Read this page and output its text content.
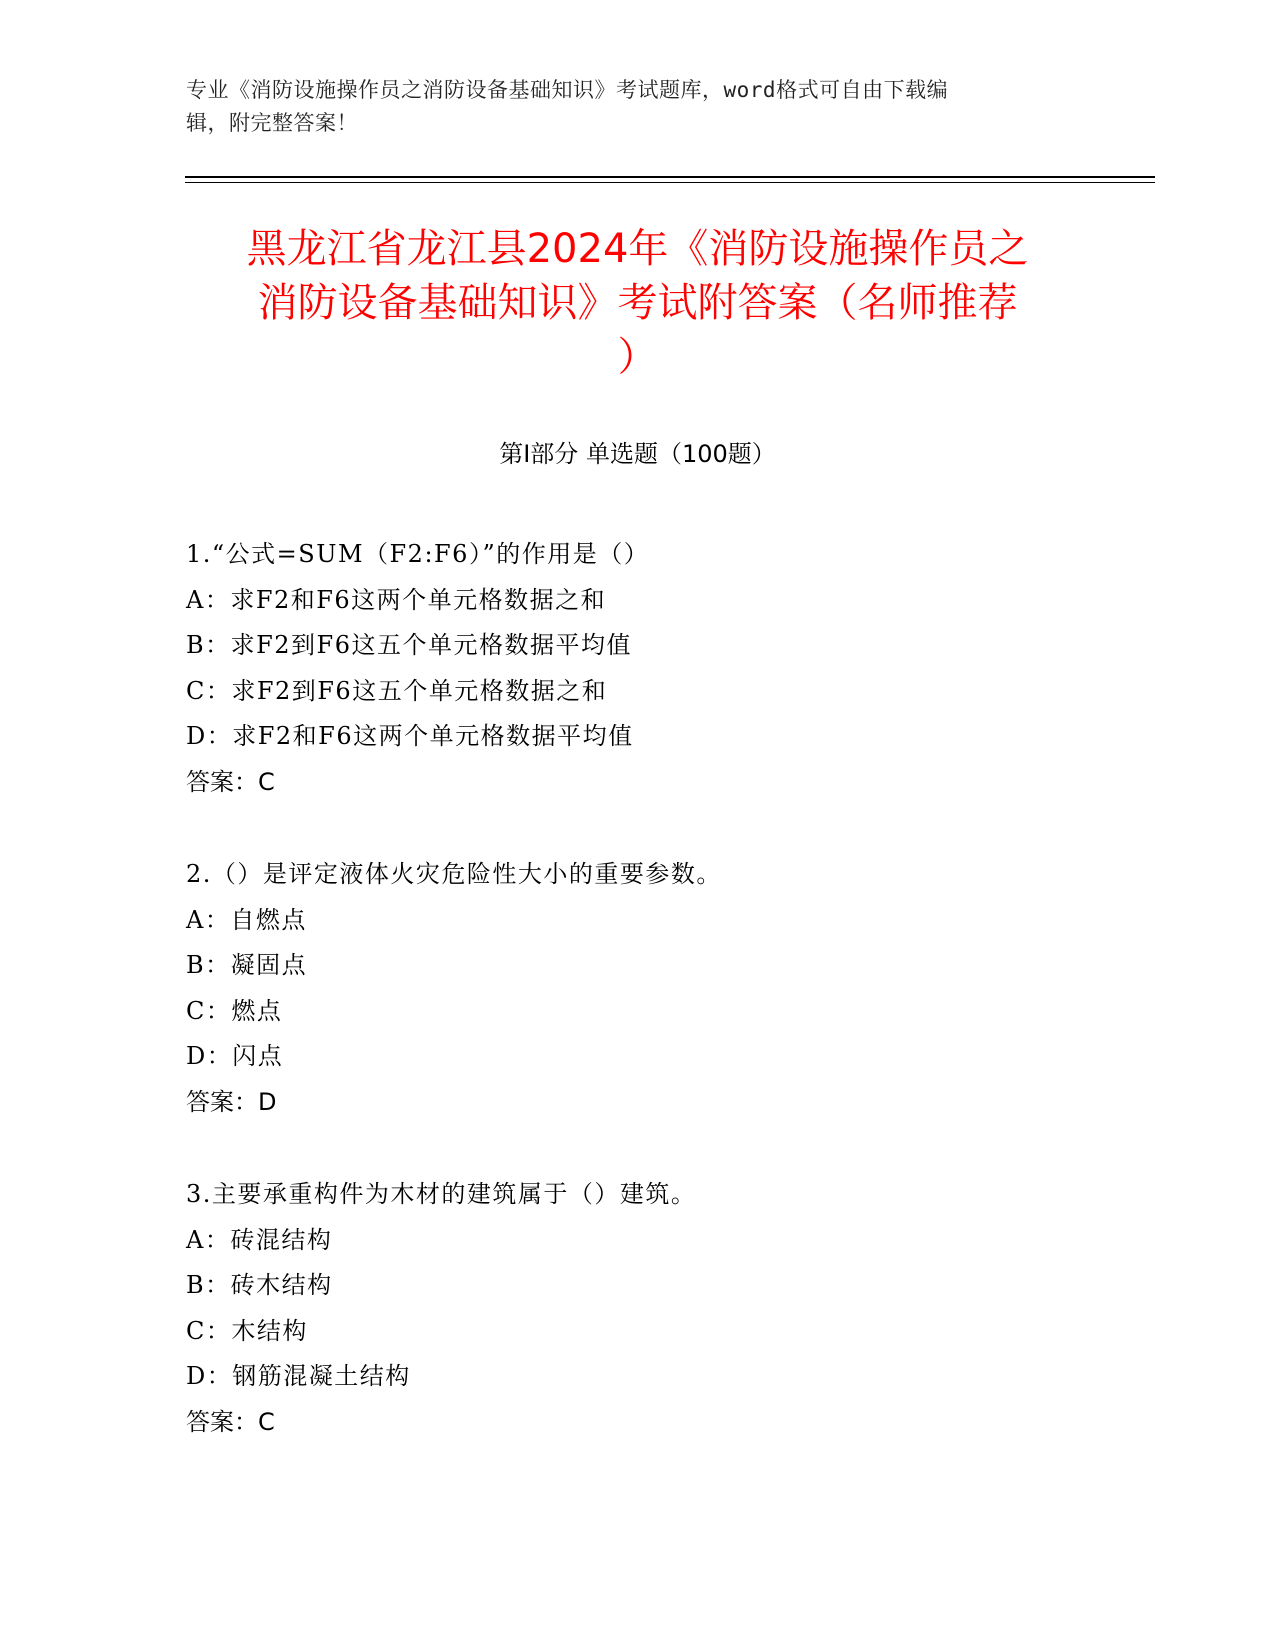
专业《消防设施操作员之消防设备基础知识》考试题库，word格式可自由下载编
辑，附完整答案！
黑龙江省龙江县2024年《消防设施操作员之
消防设备基础知识》考试附答案（名师推荐
）
第I部分 单选题（100题）
1.“公式=SUM（F2:F6）”的作用是（）
A：求F2和F6这两个单元格数据之和
B：求F2到F6这五个单元格数据平均值
C：求F2到F6这五个单元格数据之和
D：求F2和F6这两个单元格数据平均值
答案：C
2.（）是评定液体火灾危险性大小的重要参数。
A：自燃点
B：凝固点
C：燃点
D：闪点
答案：D
3.主要承重构件为木材的建筑属于（）建筑。
A：砖混结构
B：砖木结构
C：木结构
D：钢筋混凝土结构
答案：C
